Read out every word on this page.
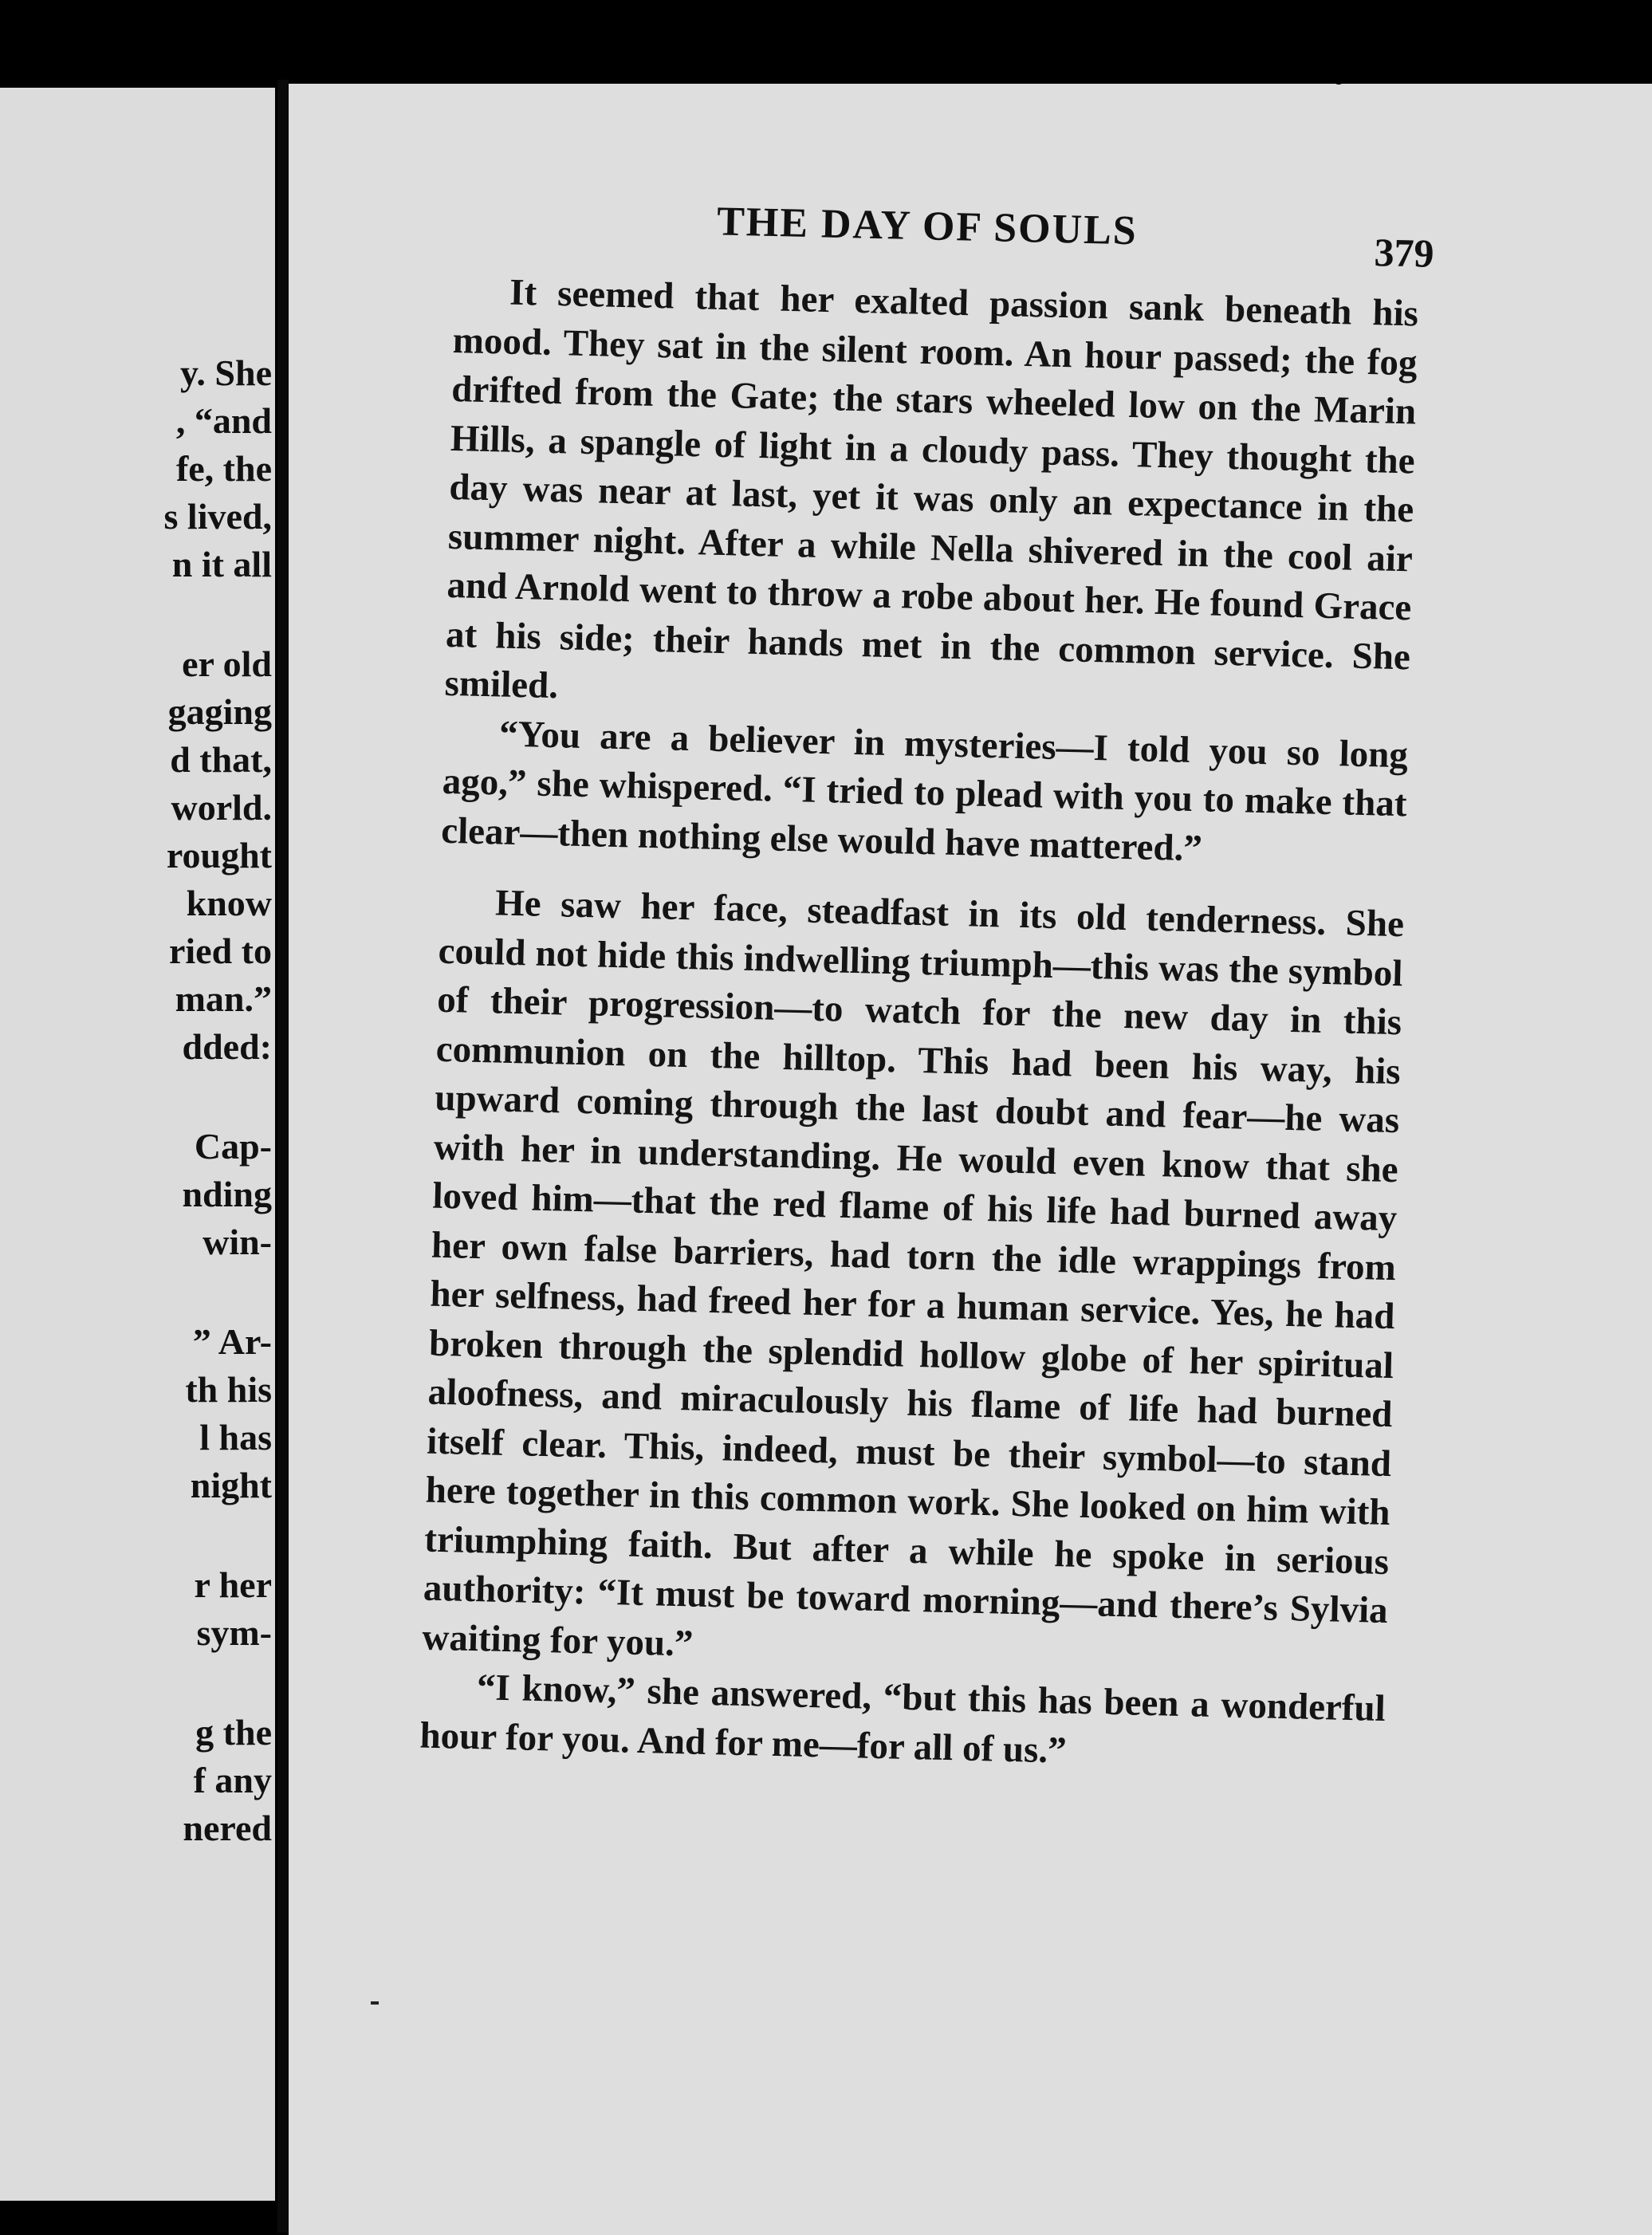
y. She

, “and

fe, the

s lived,

n it all

er old

gaging

d that,

world.

rought

know

ried to

man.”

dded:

Cap-

nding

win-

” Ar-

th his

l has

night

r her

sym-

g the

f any

nered

THE DAY OF SOULS	379

It seemed that her exalted passion sank beneath his mood. They sat in the silent room. An hour passed; the fog drifted from the Gate; the stars wheeled low on the Marin Hills, a spangle of light in a cloudy pass. They thought the day was near at last, yet it was only an expectance in the summer night. After a while Nella shivered in the cool air and Arnold went to throw a robe about her. He found Grace at his side; their hands met in the common service. She smiled.

“You are a believer in mysteries—I told you so long ago,” she whispered. “I tried to plead with you to make that clear—then nothing else would have mattered.”

He saw her face, steadfast in its old tenderness. She could not hide this indwelling triumph—this was the symbol of their progression—to watch for the new day in this communion on the hilltop. This had been his way, his upward coming through the last doubt and fear—he was with her in understanding. He would even know that she loved him—that the red flame of his life had burned away her own false barriers, had torn the idle wrappings from her selfness, had freed her for a human service. Yes, he had broken through the splendid hollow globe of her spiritual aloofness, and miraculously his flame of life had burned itself clear. This, indeed, must be their symbol—to stand here together in this common work. She looked on him with triumphing faith. But after a while he spoke in serious authority: “It must be toward morning—and there’s Sylvia waiting for you.”

“I know,” she answered, “but this has been a wonderful hour for you. And for me—for all of us.”
